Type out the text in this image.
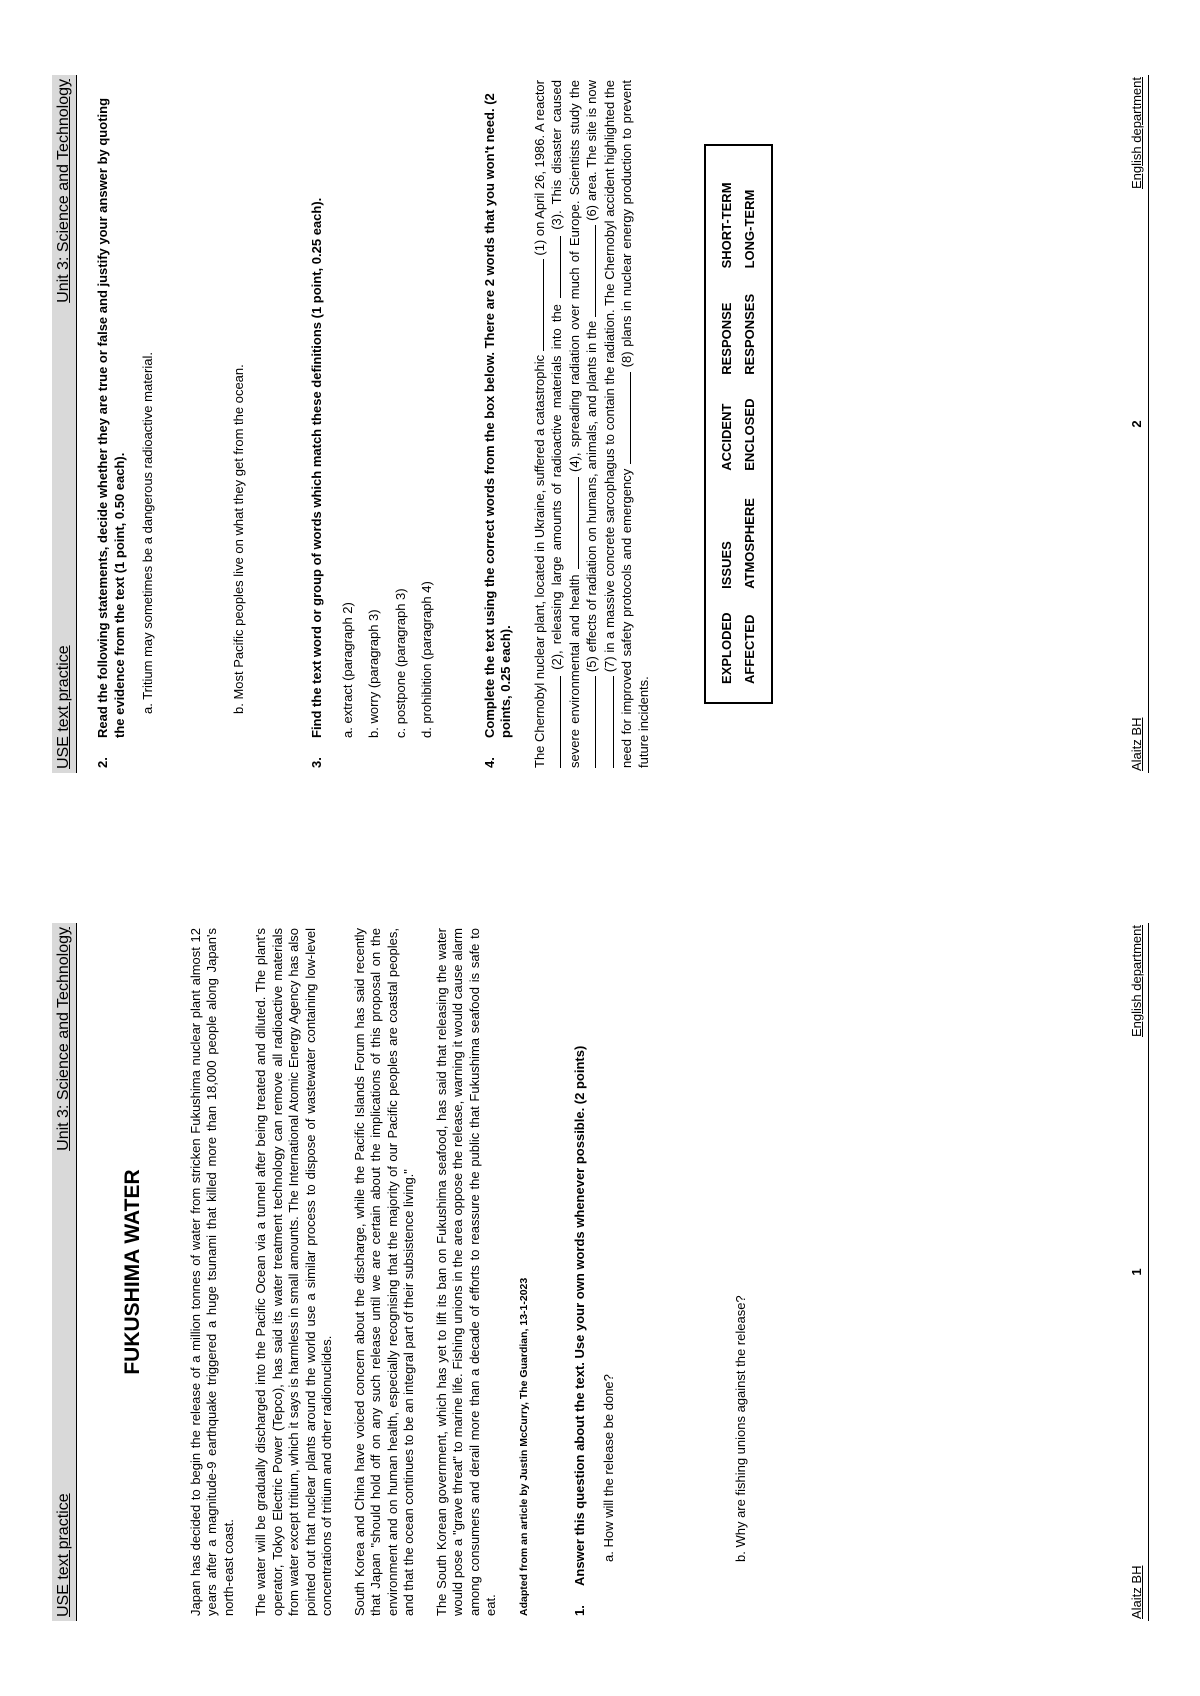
USE text practice
Unit 3: Science and Technology
FUKUSHIMA WATER	Japan has decided to begin the release of a million tonnes of water from stricken Fukushima nuclear plant almost 12 years after a magnitude-9 earthquake triggered a huge tsunami that killed more than 18,000 people along Japan's north-east coast. The water will be gradually discharged into the Pacific Ocean via a tunnel after being treated and diluted. The plant's operator, Tokyo Electric Power (Tepco), has said its water treatment technology can remove all radioactive materials from water except tritium, which it says is harmless in small amounts. The International Atomic Energy Agency has also pointed out that nuclear plants around the world use a similar process to dispose of wastewater containing low-level concentrations of tritium and other radionuclides. South Korea and China have voiced concern about the discharge, while the Pacific Islands Forum has said recently that Japan "should hold off on any such release until we are certain about the implications of this proposal on the environment and on human health, especially recognising that the majority of our Pacific peoples are coastal peoples, and that the ocean continues to be an integral part of their subsistence living." The South Korean government, which has yet to lift its ban on Fukushima seafood, has said that releasing the water would pose a "grave threat" to marine life. Fishing unions in the area oppose the release, warning it would cause alarm among consumers and derail more than a decade of efforts to reassure the public that Fukushima seafood is safe to eat. Adapted from an article by Justin McCurry, The Guardian, 13-1-2023	1.
Answer this question about the text. Use your own words whenever possible. (2 points) a. How will the release be done?	b. Why are fishing unions against the release?
Alaitz BH
1
English department
USE text practice
Unit 3: Science and Technology
2.
Read the following statements, decide whether they are true or false and justify your answer by quoting the evidence from the text (1 point, 0.50 each). a. Tritium may sometimes be a dangerous radioactive material.	b. Most Pacific peoples live on what they get from the ocean.
3.
Find the text word or group of words which match these definitions (1 point, 0.25 each). a. extract (paragraph 2) b. worry (paragraph 3) c. postpone (paragraph 3) d. prohibition (paragraph 4)
4.
Complete the text using the correct words from the box below. There are 2 words that you won't need. (2 points, 0.25 each). The Chernobyl nuclear plant, located in Ukraine, suffered a catastrophic  (1) on April 26, 1986. A reactor  (2), releasing large amounts of radioactive materials into the  (3). This disaster caused severe environmental and health  (4), spreading radiation over much of Europe. Scientists study the  (5) effects of radiation on humans, animals, and plants in the  (6) area. The site is now (7) in a massive concrete sarcophagus to contain the radiation. The Chernobyl accident highlighted the need for improved safety protocols and emergency  (8) plans in nuclear energy production to prevent future incidents.

EXPLODED	ISSUES	ACCIDENT	RESPONSE	SHORT-TERM
AFFECTED	ATMOSPHERE	ENCLOSED	RESPONSES	LONG-TERM
Alaitz BH
2
English department
